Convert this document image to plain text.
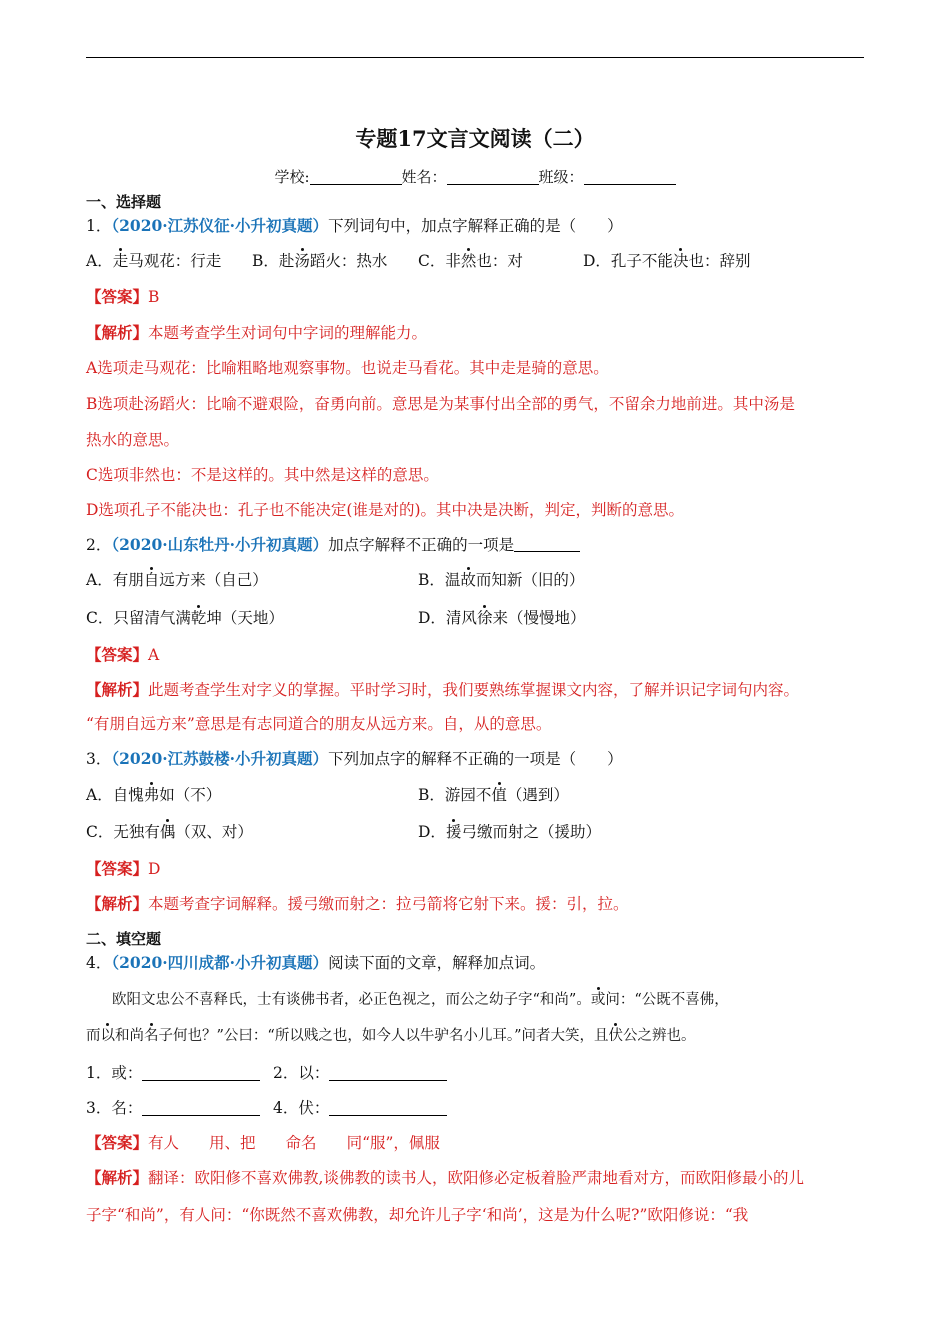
专题17文言文阅读（二）
学校:	姓名：	班级：
一、选择题
1．（2020·江苏仪征·小升初真题）下列词句中，加点字解释正确的是（　　）
A．走马观花：行走 B．赴汤蹈火：热水 C．非然也：对	D．孔子不能决也：辞别
【答案】B
【解析】本题考查学生对词句中字词的理解能力。
A选项走马观花：比喻粗略地观察事物。也说走马看花。其中走是骑的意思。
B选项赴汤蹈火：比喻不避艰险，奋勇向前。意思是为某事付出全部的勇气，不留余力地前进。其中汤是
热水的意思。
C选项非然也：不是这样的。其中然是这样的意思。
D选项孔子不能决也：孔子也不能决定(谁是对的)。其中决是决断，判定，判断的意思。
2．（2020·山东牡丹·小升初真题）加点字解释不正确的一项是
A．有朋自远方来（自己）	B．温故而知新（旧的）
C．只留清气满乾坤（天地）	D．清风徐来（慢慢地）
【答案】A
【解析】此题考查学生对字义的掌握。平时学习时，我们要熟练掌握课文内容，了解并识记字词句内容。
“有朋自远方来”意思是有志同道合的朋友从远方来。自，从的意思。
3．（2020·江苏鼓楼·小升初真题）下列加点字的解释不正确的一项是（　　）
A．自愧弗如（不）	B．游园不值（遇到）
C．无独有偶（双、对）	D．援弓缴而射之（援助）
【答案】D
【解析】本题考查字词解释。援弓缴而射之：拉弓箭将它射下来。援：引，拉。
二、填空题
4．（2020·四川成都·小升初真题）阅读下面的文章，解释加点词。
欧阳文忠公不喜释氏，士有谈佛书者，必正色视之，而公之幼子字“和尚”。或问：“公既不喜佛，
而以和尚名子何也？”公曰：“所以贱之也，如今人以牛驴名小儿耳。”问者大笑，且伏公之辨也。
1．或：	2．以：
3．名：	4．伏：
【答案】有人 用、把 命名 同“服”，佩服
【解析】翻译：欧阳修不喜欢佛教,谈佛教的读书人，欧阳修必定板着脸严肃地看对方，而欧阳修最小的儿
子字“和尚”，有人问：“你既然不喜欢佛教，却允许儿子字‘和尚’，这是为什么呢?”欧阳修说：“我
